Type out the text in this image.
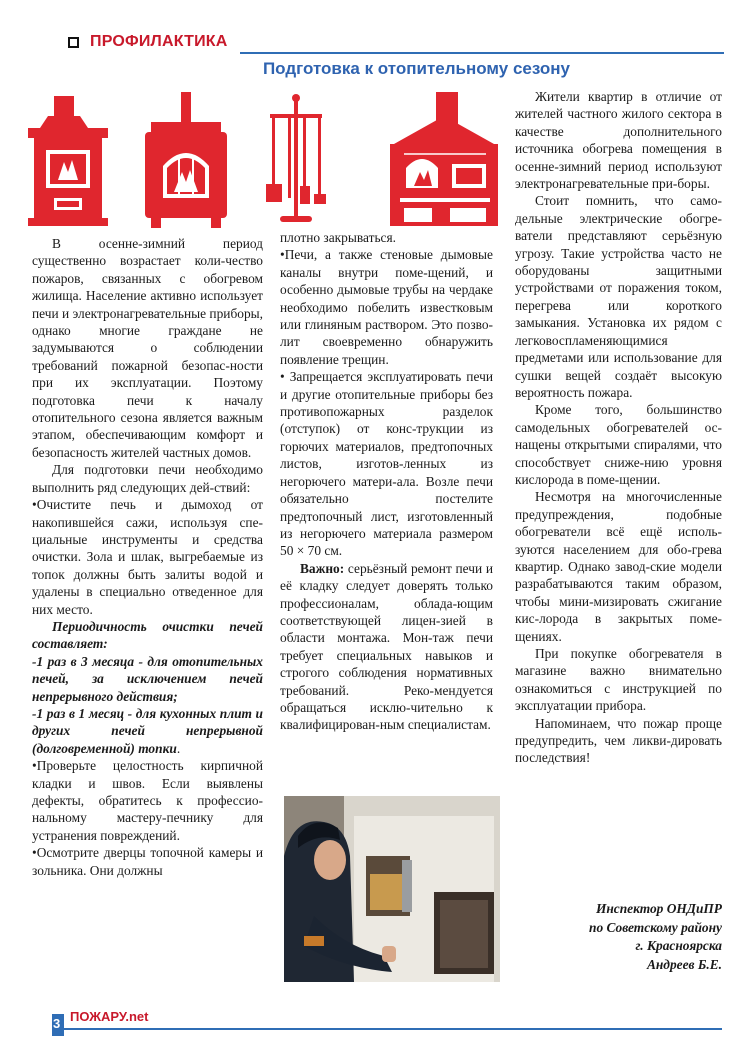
ПРОФИЛАКТИКА
Подготовка к отопительному сезону

В осенне-зимний период существенно возрастает коли-чество пожаров, связанных с обогревом жилища. Население активно использует печи и электронагревательные приборы, однако многие граждане не задумываются о соблюдении требований пожарной безопас-ности при их эксплуатации. Поэтому подготовка печи к началу отопительного сезона является важным этапом, обеспечивающим комфорт и безопасность жителей частных домов.

Для подготовки печи необходимо выполнить ряд следующих дей-ствий:

•Очистите печь и дымоход от накопившейся сажи, используя спе-циальные инструменты и средства очистки. Зола и шлак, выгребаемые из топок должны быть залиты водой и удалены в специально отведенное для них место.

Периодичность очистки печей составляет:

-1 раз в 3 месяца - для отопительных печей, за исключением печей непрерывного действия;

-1 раз в 1 месяц - для кухонных плит и других печей непрерывной (долговременной) топки.

•Проверьте целостность кирпичной кладки и швов. Если выявлены дефекты, обратитесь к профессио-нальному мастеру-печнику для устранения повреждений.

•Осмотрите дверцы топочной камеры и зольника. Они должны

плотно закрываться.

•Печи, а также стеновые дымовые каналы внутри поме-щений, и особенно дымовые трубы на чердаке необходимо побелить известковым или глиняным раствором. Это позво-лит своевременно обнаружить появление трещин.

• Запрещается эксплуатировать печи и другие отопительные приборы без противопожарных разделок (отступок) от конс-трукции из горючих материалов, предтопочных листов, изготов-ленных из негорючего матери-ала. Возле печи обязательно постелите предтопочный лист, изготовленный из негорючего материала размером 50 × 70 см.

Важно: серьёзный ремонт печи и её кладку следует доверять только профессионалам, облада-ющим соответствующей лицен-зией в области монтажа. Мон-таж печи требует специальных навыков и строгого соблюдения нормативных требований. Реко-мендуется обращаться исклю-чительно к квалифицирован-ным специалистам.

Жители квартир в отличие от жителей частного жилого сектора в качестве дополнительного источника обогрева помещения в осенне-зимний период используют электронагревательные при-боры.

Стоит помнить, что само-дельные электрические обогре-ватели представляют серьёзную угрозу. Такие устройства часто не оборудованы защитными устройствами от поражения током, перегрева или короткого замыкания. Установка их рядом с легковоспламеняющимися предметами или использование для сушки вещей создаёт высокую вероятность пожара.

Кроме того, большинство самодельных обогревателей ос-нащены открытыми спиралями, что способствует сниже-нию уровня кислорода в поме-щении.

Несмотря на многочисленные предупреждения, подобные обогреватели всё ещё исполь-зуются населением для обо-грева квартир. Однако завод-ские модели разрабатываются таким образом, чтобы мини-мизировать сжигание кис-лорода в закрытых поме-щениях.

При покупке обогревателя в магазине важно внимательно ознакомиться с инструкцией по эксплуатации прибора.

Напоминаем, что пожар проще предупредить, чем ликви-дировать последствия!

Инспектор ОНДиПР
по Советскому району
г. Красноярска
Андреев Б.Е.
3 ПОЖАРУ.net
